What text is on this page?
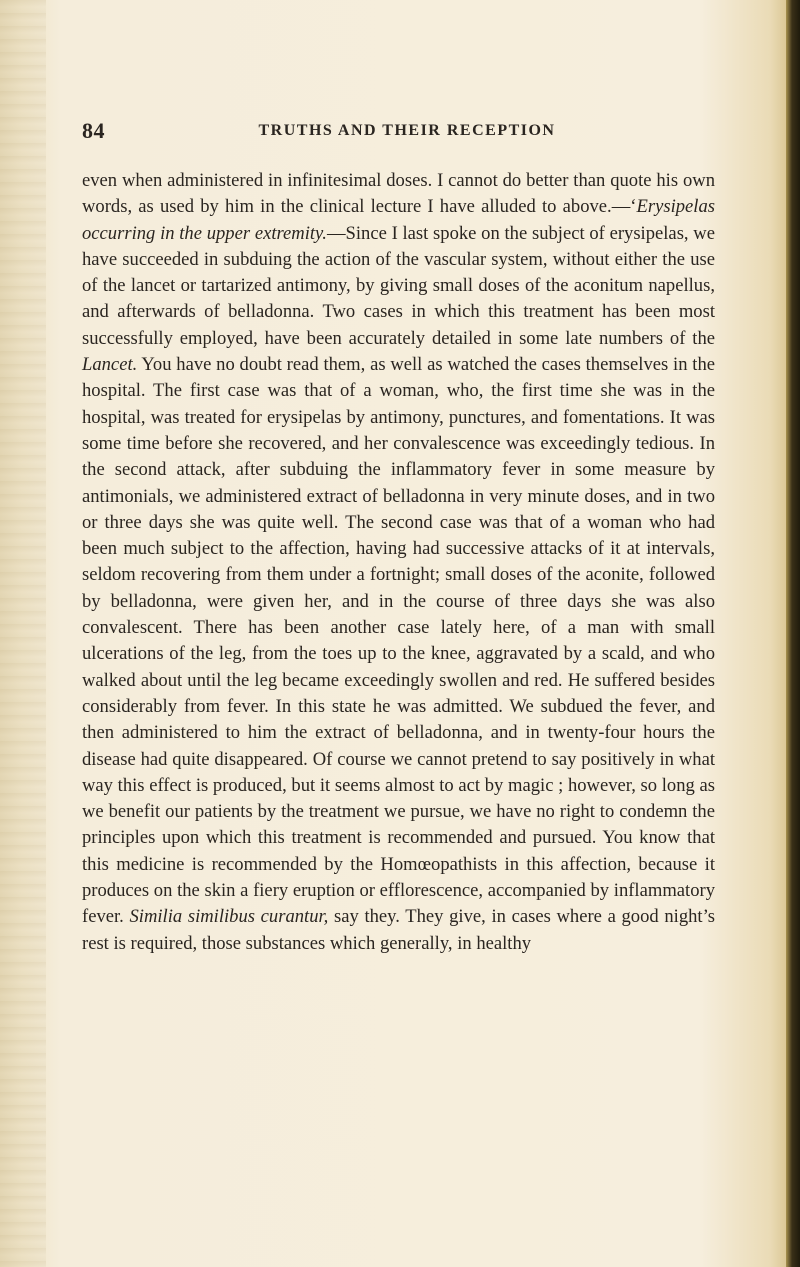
84	TRUTHS AND THEIR RECEPTION

even when administered in infinitesimal doses. I cannot do better than quote his own words, as used by him in the clinical lecture I have alluded to above.—‘Erysipelas occurring in the upper extremity.—Since I last spoke on the subject of erysipelas, we have succeeded in subduing the action of the vascular system, without either the use of the lancet or tartarized antimony, by giving small doses of the aconitum napellus, and afterwards of belladonna. Two cases in which this treatment has been most successfully employed, have been accurately detailed in some late numbers of the Lancet. You have no doubt read them, as well as watched the cases themselves in the hospital. The first case was that of a woman, who, the first time she was in the hospital, was treated for erysipelas by antimony, punctures, and fomentations. It was some time before she recovered, and her convalescence was exceedingly tedious. In the second attack, after subduing the inflammatory fever in some measure by antimonials, we administered extract of belladonna in very minute doses, and in two or three days she was quite well. The second case was that of a woman who had been much subject to the affection, having had successive attacks of it at intervals, seldom recovering from them under a fortnight; small doses of the aconite, followed by belladonna, were given her, and in the course of three days she was also convalescent. There has been another case lately here, of a man with small ulcerations of the leg, from the toes up to the knee, aggravated by a scald, and who walked about until the leg became exceedingly swollen and red. He suffered besides considerably from fever. In this state he was admitted. We subdued the fever, and then administered to him the extract of belladonna, and in twenty-four hours the disease had quite disappeared. Of course we cannot pretend to say positively in what way this effect is produced, but it seems almost to act by magic ; however, so long as we benefit our patients by the treatment we pursue, we have no right to condemn the principles upon which this treatment is recommended and pursued. You know that this medicine is recommended by the Homœopathists in this affection, because it produces on the skin a fiery eruption or efflorescence, accompanied by inflammatory fever. Similia similibus curantur, say they. They give, in cases where a good night’s rest is required, those substances which generally, in healthy
